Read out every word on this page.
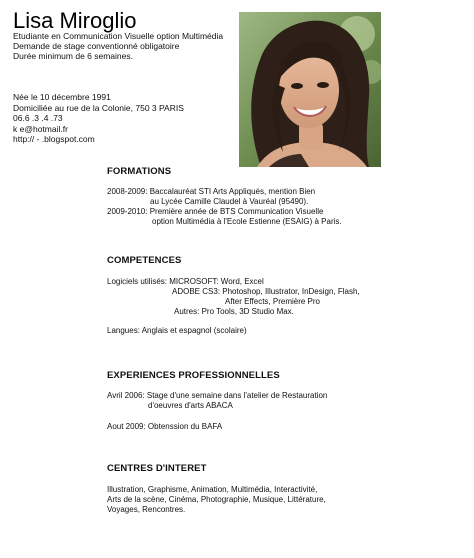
Lisa Miroglio
Etudiante en Communication Visuelle option Multimédia
Demande de stage conventionné obligatoire
Durée minimum de 6 semaines.
Née le 10 décembre 1991
Domiciliée au rue de la Colonie, 750 3 PARIS
06.6 .3 .4 .73
k e@hotmail.fr
http:// - .blogspot.com
FORMATIONS
2008-2009: Baccalauréat STI Arts Appliqués, mention Bien
au Lycée Camille Claudel à Vauréal (95490).
2009-2010: Première année de BTS Communication Visuelle
option Multimédia à l'Ecole Estienne (ESAIG) à Paris.
COMPETENCES
Logiciels utilisés: MICROSOFT: Word, Excel
ADOBE CS3: Photoshop, Illustrator, InDesign, Flash,
After Effects, Première Pro
Autres: Pro Tools, 3D Studio Max.
Langues: Anglais et espagnol (scolaire)
EXPERIENCES PROFESSIONNELLES
Avril 2006: Stage d'une semaine dans l'atelier de Restauration
d'oeuvres d'arts ABACA
Aout 2009: Obtenssion du BAFA
CENTRES D'INTERET
Illustration, Graphisme, Animation, Multimédia, Interactivité,
Arts de la scène, Cinéma, Photographie, Musique, Littérature,
Voyages, Rencontres.
